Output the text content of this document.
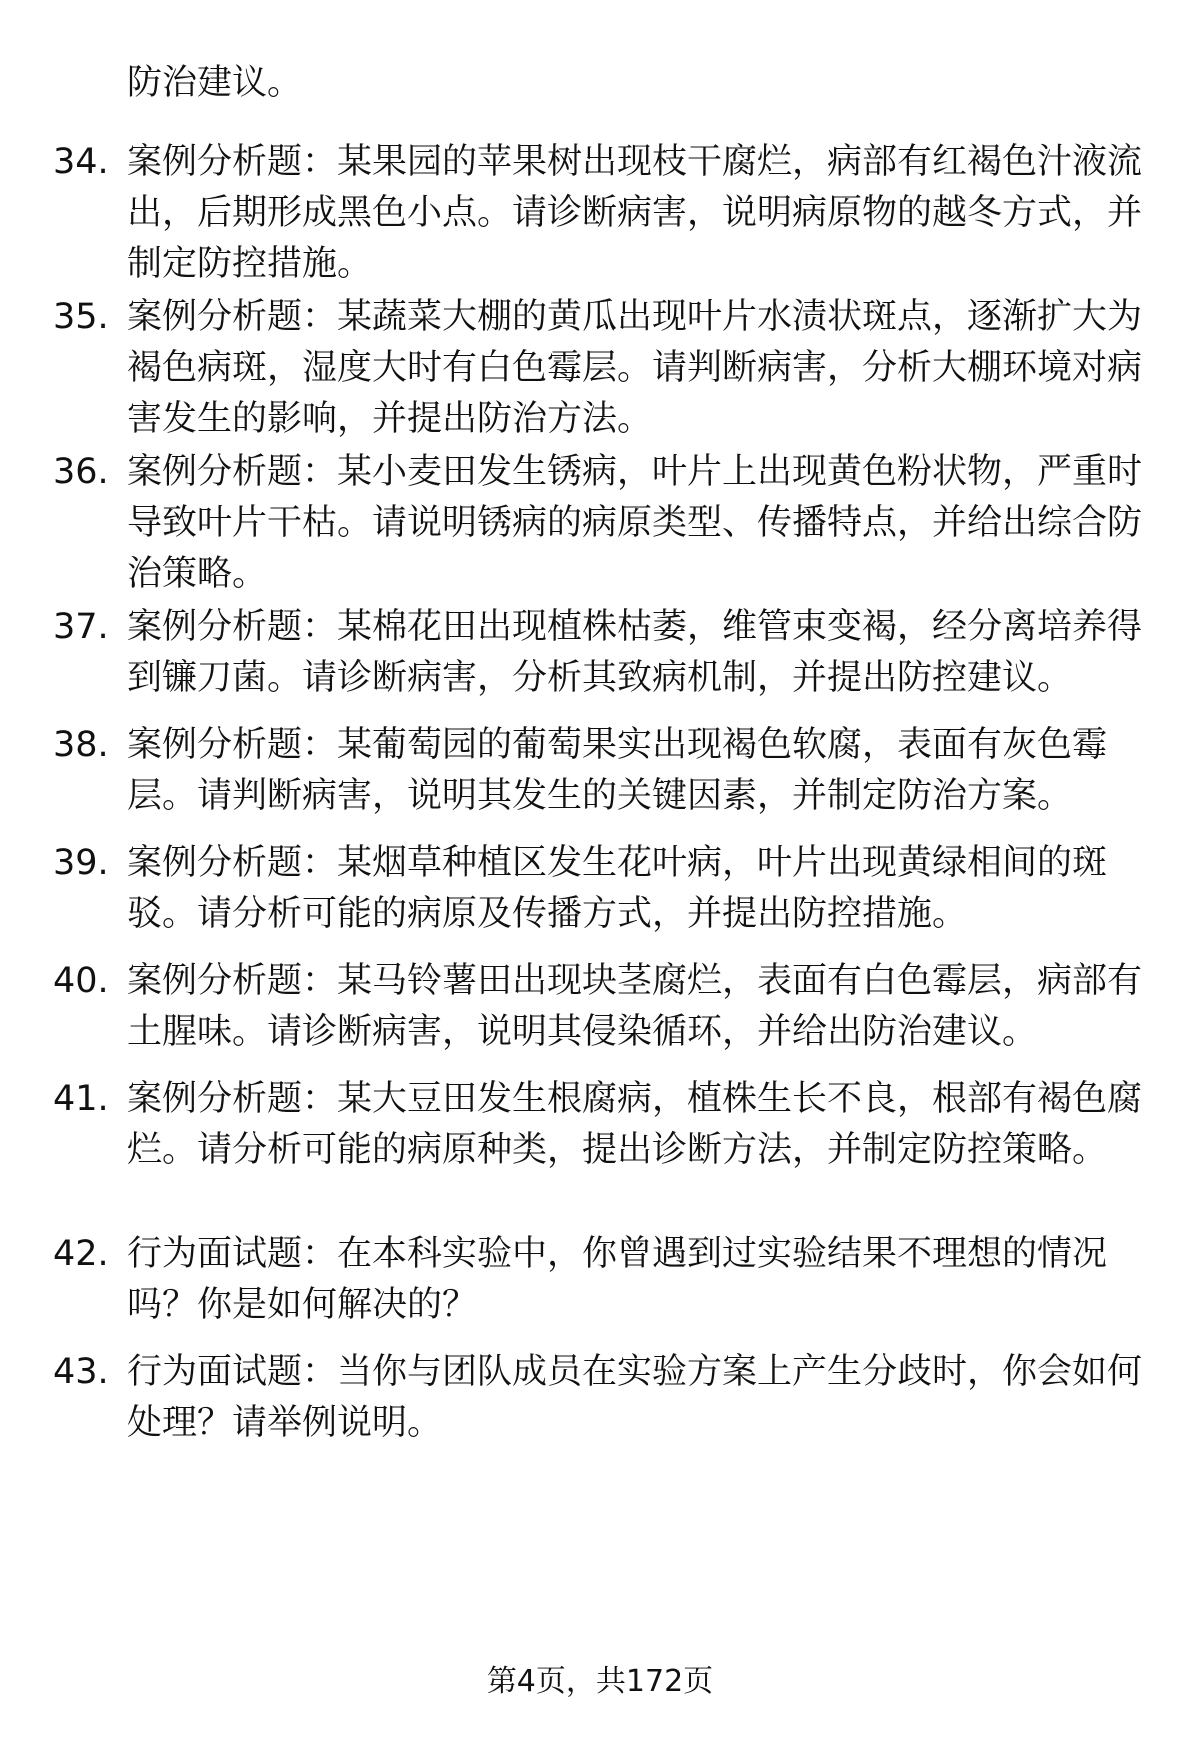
防治建议。

34. 案例分析题：某果园的苹果树出现枝干腐烂，病部有红褐色汁液流出，后期形成黑色小点。请诊断病害，说明病原物的越冬方式，并制定防控措施。

35. 案例分析题：某蔬菜大棚的黄瓜出现叶片水渍状斑点，逐渐扩大为褐色病斑，湿度大时有白色霉层。请判断病害，分析大棚环境对病害发生的影响，并提出防治方法。

36. 案例分析题：某小麦田发生锈病，叶片上出现黄色粉状物，严重时导致叶片干枯。请说明锈病的病原类型、传播特点，并给出综合防治策略。

37. 案例分析题：某棉花田出现植株枯萎，维管束变褐，经分离培养得到镰刀菌。请诊断病害，分析其致病机制，并提出防控建议。

38. 案例分析题：某葡萄园的葡萄果实出现褐色软腐，表面有灰色霉层。请判断病害，说明其发生的关键因素，并制定防治方案。

39. 案例分析题：某烟草种植区发生花叶病，叶片出现黄绿相间的斑驳。请分析可能的病原及传播方式，并提出防控措施。

40. 案例分析题：某马铃薯田出现块茎腐烂，表面有白色霉层，病部有土腥味。请诊断病害，说明其侵染循环，并给出防治建议。

41. 案例分析题：某大豆田发生根腐病，植株生长不良，根部有褐色腐烂。请分析可能的病原种类，提出诊断方法，并制定防控策略。

42. 行为面试题：在本科实验中，你曾遇到过实验结果不理想的情况吗？你是如何解决的？

43. 行为面试题：当你与团队成员在实验方案上产生分歧时，你会如何处理？请举例说明。

第4页，共172页
